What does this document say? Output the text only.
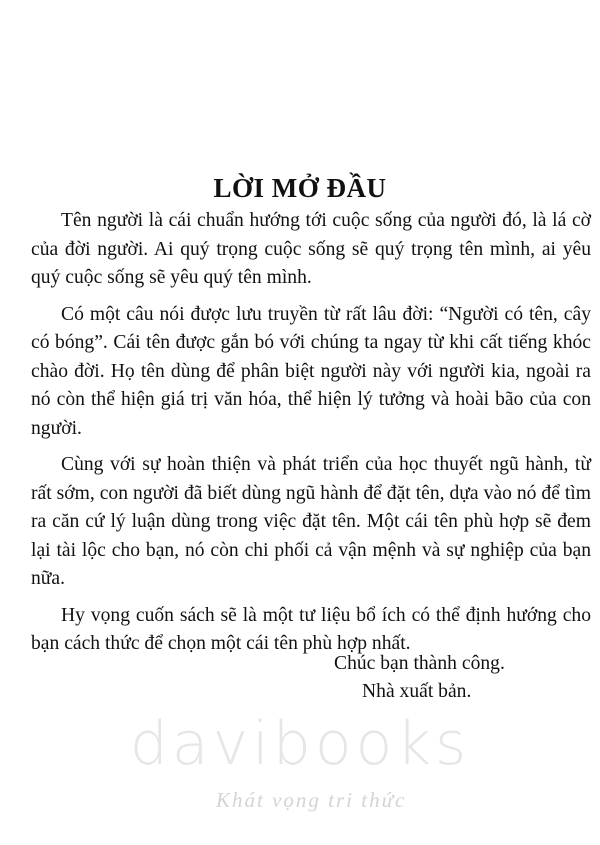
LỜI MỞ ĐẦU

Tên người là cái chuẩn hướng tới cuộc sống của người đó, là lá cờ của đời người. Ai quý trọng cuộc sống sẽ quý trọng tên mình, ai yêu quý cuộc sống sẽ yêu quý tên mình.

Có một câu nói được lưu truyền từ rất lâu đời: “Người có tên, cây có bóng”. Cái tên được gắn bó với chúng ta ngay từ khi cất tiếng khóc chào đời. Họ tên dùng để phân biệt người này với người kia, ngoài ra nó còn thể hiện giá trị văn hóa, thể hiện lý tưởng và hoài bão của con người.

Cùng với sự hoàn thiện và phát triển của học thuyết ngũ hành, từ rất sớm, con người đã biết dùng ngũ hành để đặt tên, dựa vào nó để tìm ra căn cứ lý luận dùng trong việc đặt tên. Một cái tên phù hợp sẽ đem lại tài lộc cho bạn, nó còn chi phối cả vận mệnh và sự nghiệp của bạn nữa.

Hy vọng cuốn sách sẽ là một tư liệu bổ ích có thể định hướng cho bạn cách thức để chọn một cái tên phù hợp nhất.

Chúc bạn thành công.
Nhà xuất bản.
davibooks
Khát vọng tri thức
